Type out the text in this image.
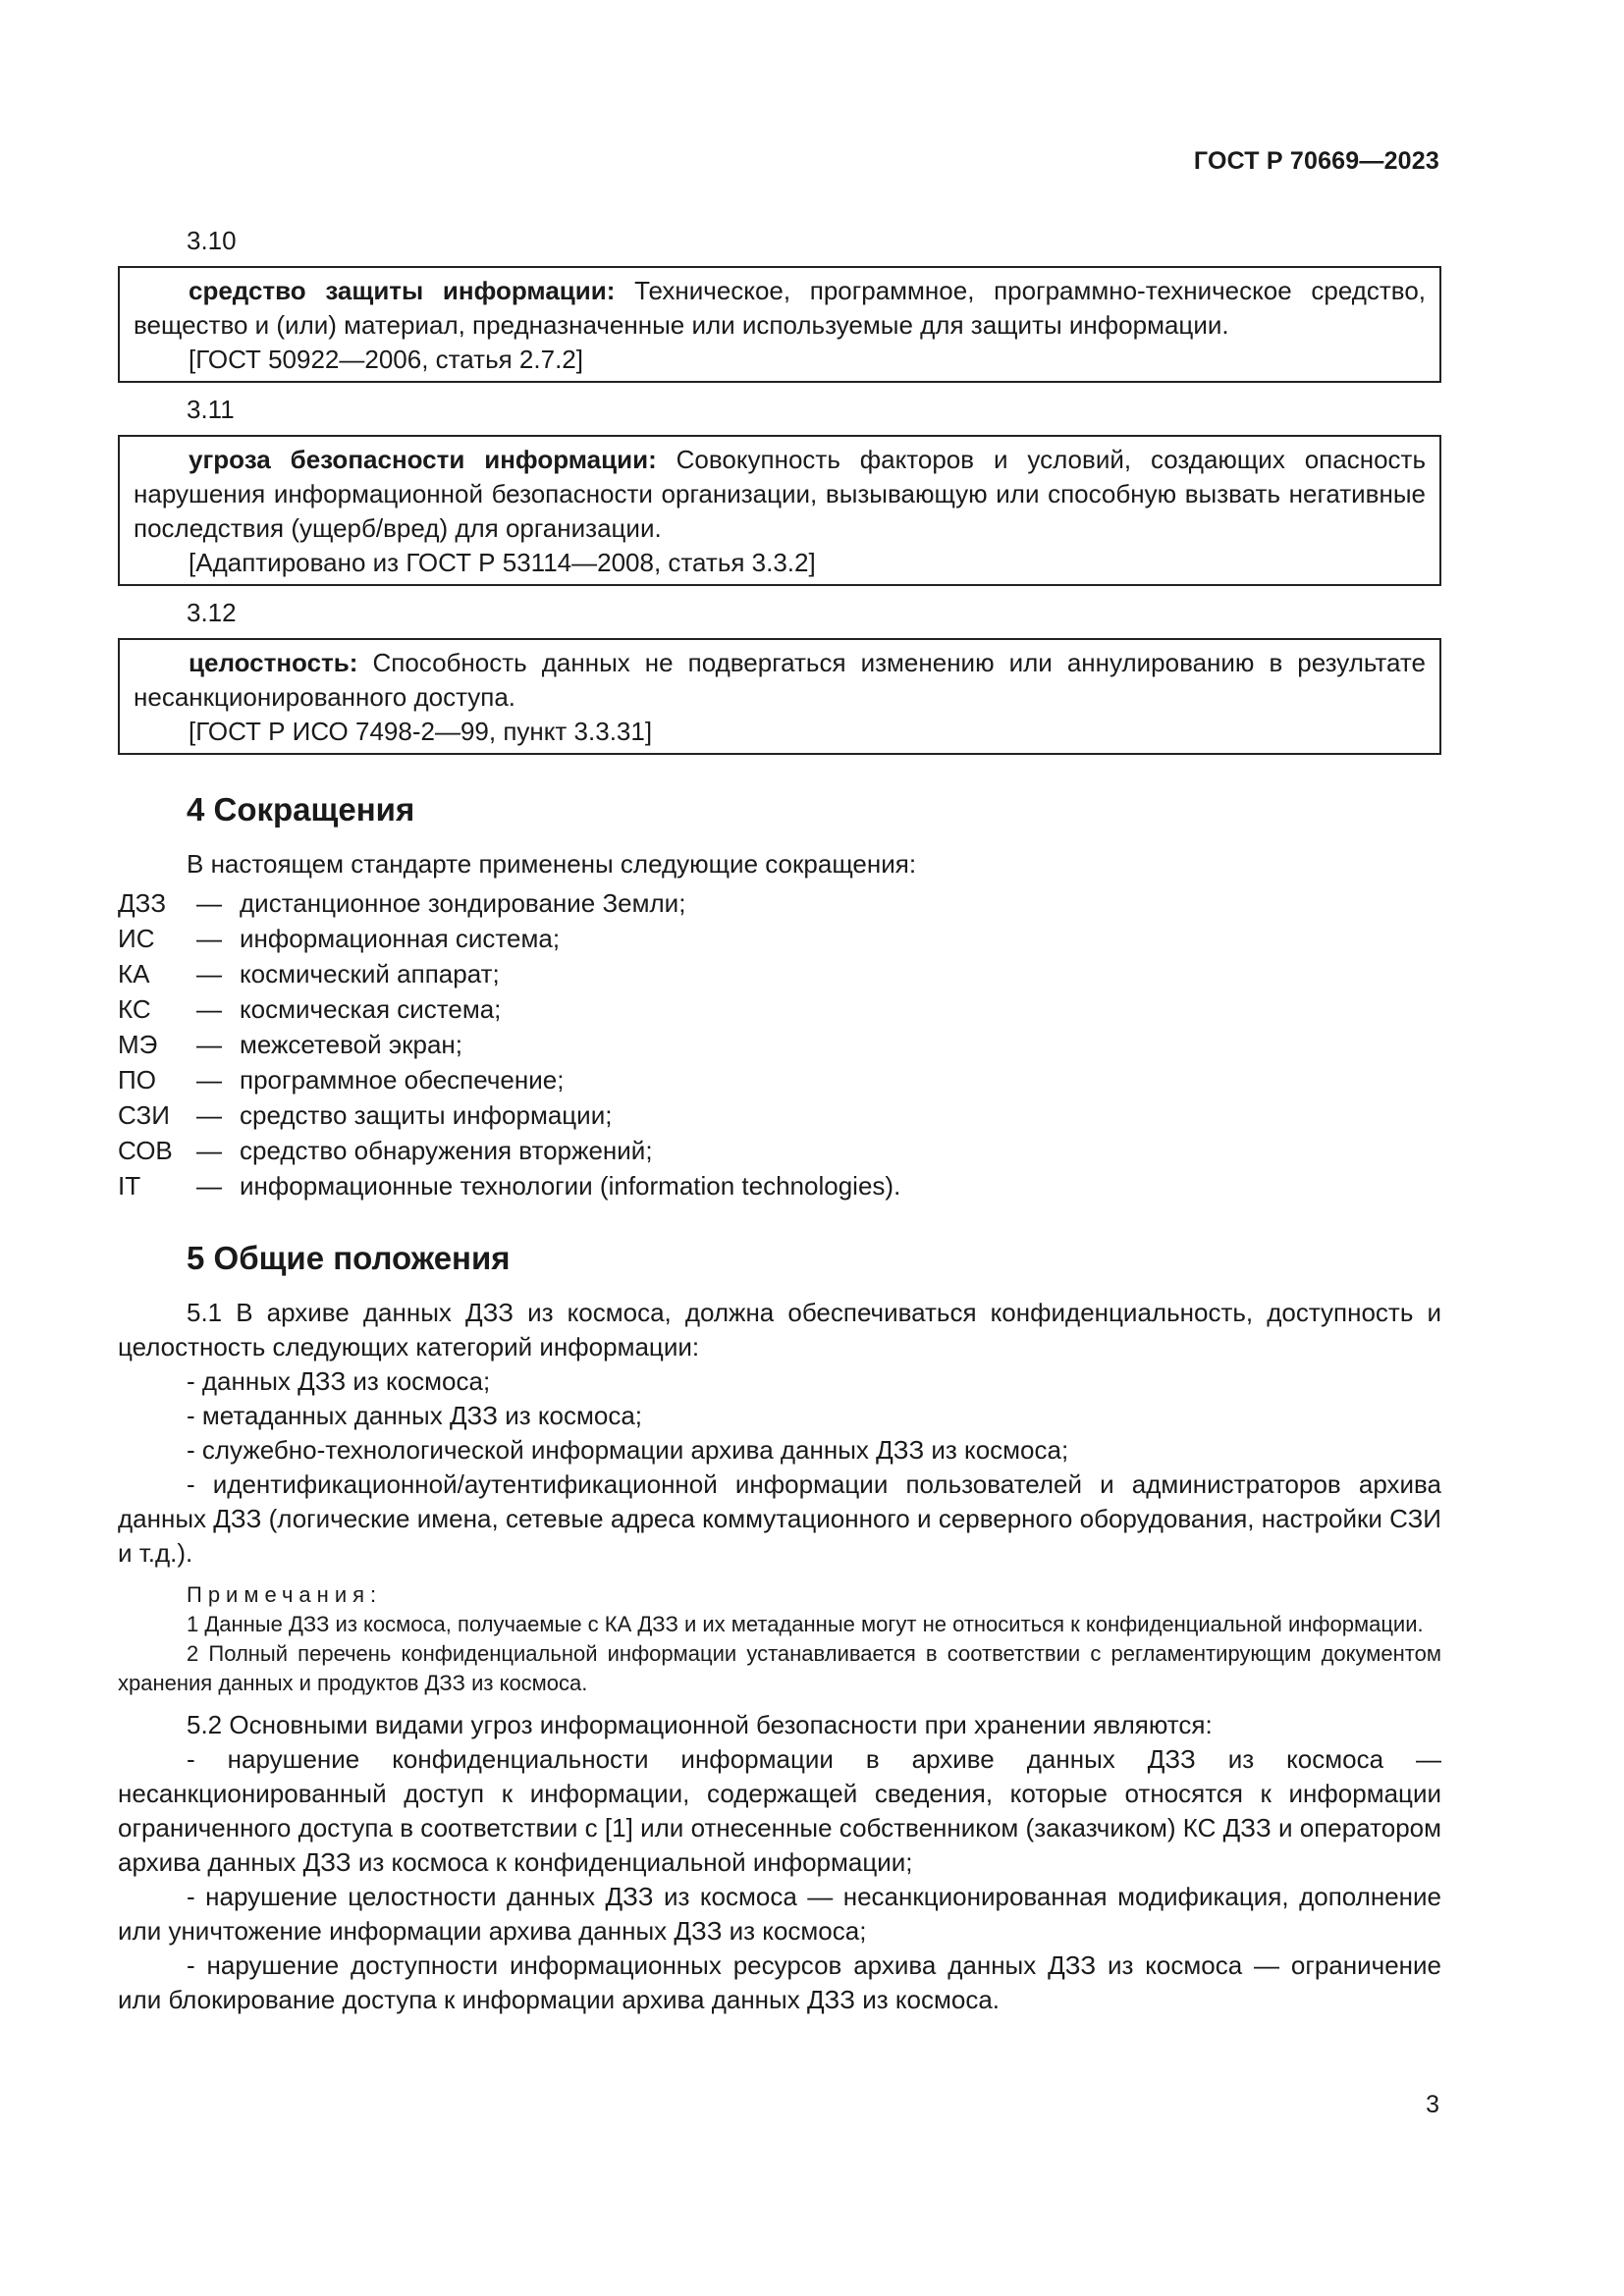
ГОСТ Р 70669—2023

3.10

средство защиты информации: Техническое, программное, программно-техническое средство, вещество и (или) материал, предназначенные или используемые для защиты информации.

[ГОСТ 50922—2006, статья 2.7.2]

3.11

угроза безопасности информации: Совокупность факторов и условий, создающих опасность нарушения информационной безопасности организации, вызывающую или способную вызвать негативные последствия (ущерб/вред) для организации.

[Адаптировано из ГОСТ Р 53114—2008, статья 3.3.2]

3.12

целостность: Способность данных не подвергаться изменению или аннулированию в результате несанкционированного доступа.

[ГОСТ Р ИСО 7498-2—99, пункт 3.3.31]

4 Сокращения

В настоящем стандарте применены следующие сокращения:

ДЗЗ	— дистанционное зондирование Земли;
ИС	— информационная система;
КА	— космический аппарат;
КС	— космическая система;
МЭ	— межсетевой экран;
ПО	— программное обеспечение;
СЗИ	— средство защиты информации;
СОВ — средство обнаружения вторжений;
IT	— информационные технологии (information technologies).
5 Общие положения

5.1 В архиве данных ДЗЗ из космоса, должна обеспечиваться конфиденциальность, доступность и целостность следующих категорий информации:

- данных ДЗЗ из космоса;

- метаданных данных ДЗЗ из космоса;

- служебно-технологической информации архива данных ДЗЗ из космоса;

- идентификационной/аутентификационной информации пользователей и администраторов архива данных ДЗЗ (логические имена, сетевые адреса коммутационного и серверного оборудования, настройки СЗИ и т.д.).

Примечания:

1 Данные ДЗЗ из космоса, получаемые с КА ДЗЗ и их метаданные могут не относиться к конфиденциальной информации.

2 Полный перечень конфиденциальной информации устанавливается в соответствии с регламентирующим документом хранения данных и продуктов ДЗЗ из космоса.

5.2 Основными видами угроз информационной безопасности при хранении являются:

- нарушение конфиденциальности информации в архиве данных ДЗЗ из космоса — несанкционированный доступ к информации, содержащей сведения, которые относятся к информации ограниченного доступа в соответствии с [1] или отнесенные собственником (заказчиком) КС ДЗЗ и оператором архива данных ДЗЗ из космоса к конфиденциальной информации;

- нарушение целостности данных ДЗЗ из космоса — несанкционированная модификация, дополнение или уничтожение информации архива данных ДЗЗ из космоса;

- нарушение доступности информационных ресурсов архива данных ДЗЗ из космоса — ограничение или блокирование доступа к информации архива данных ДЗЗ из космоса.

3
